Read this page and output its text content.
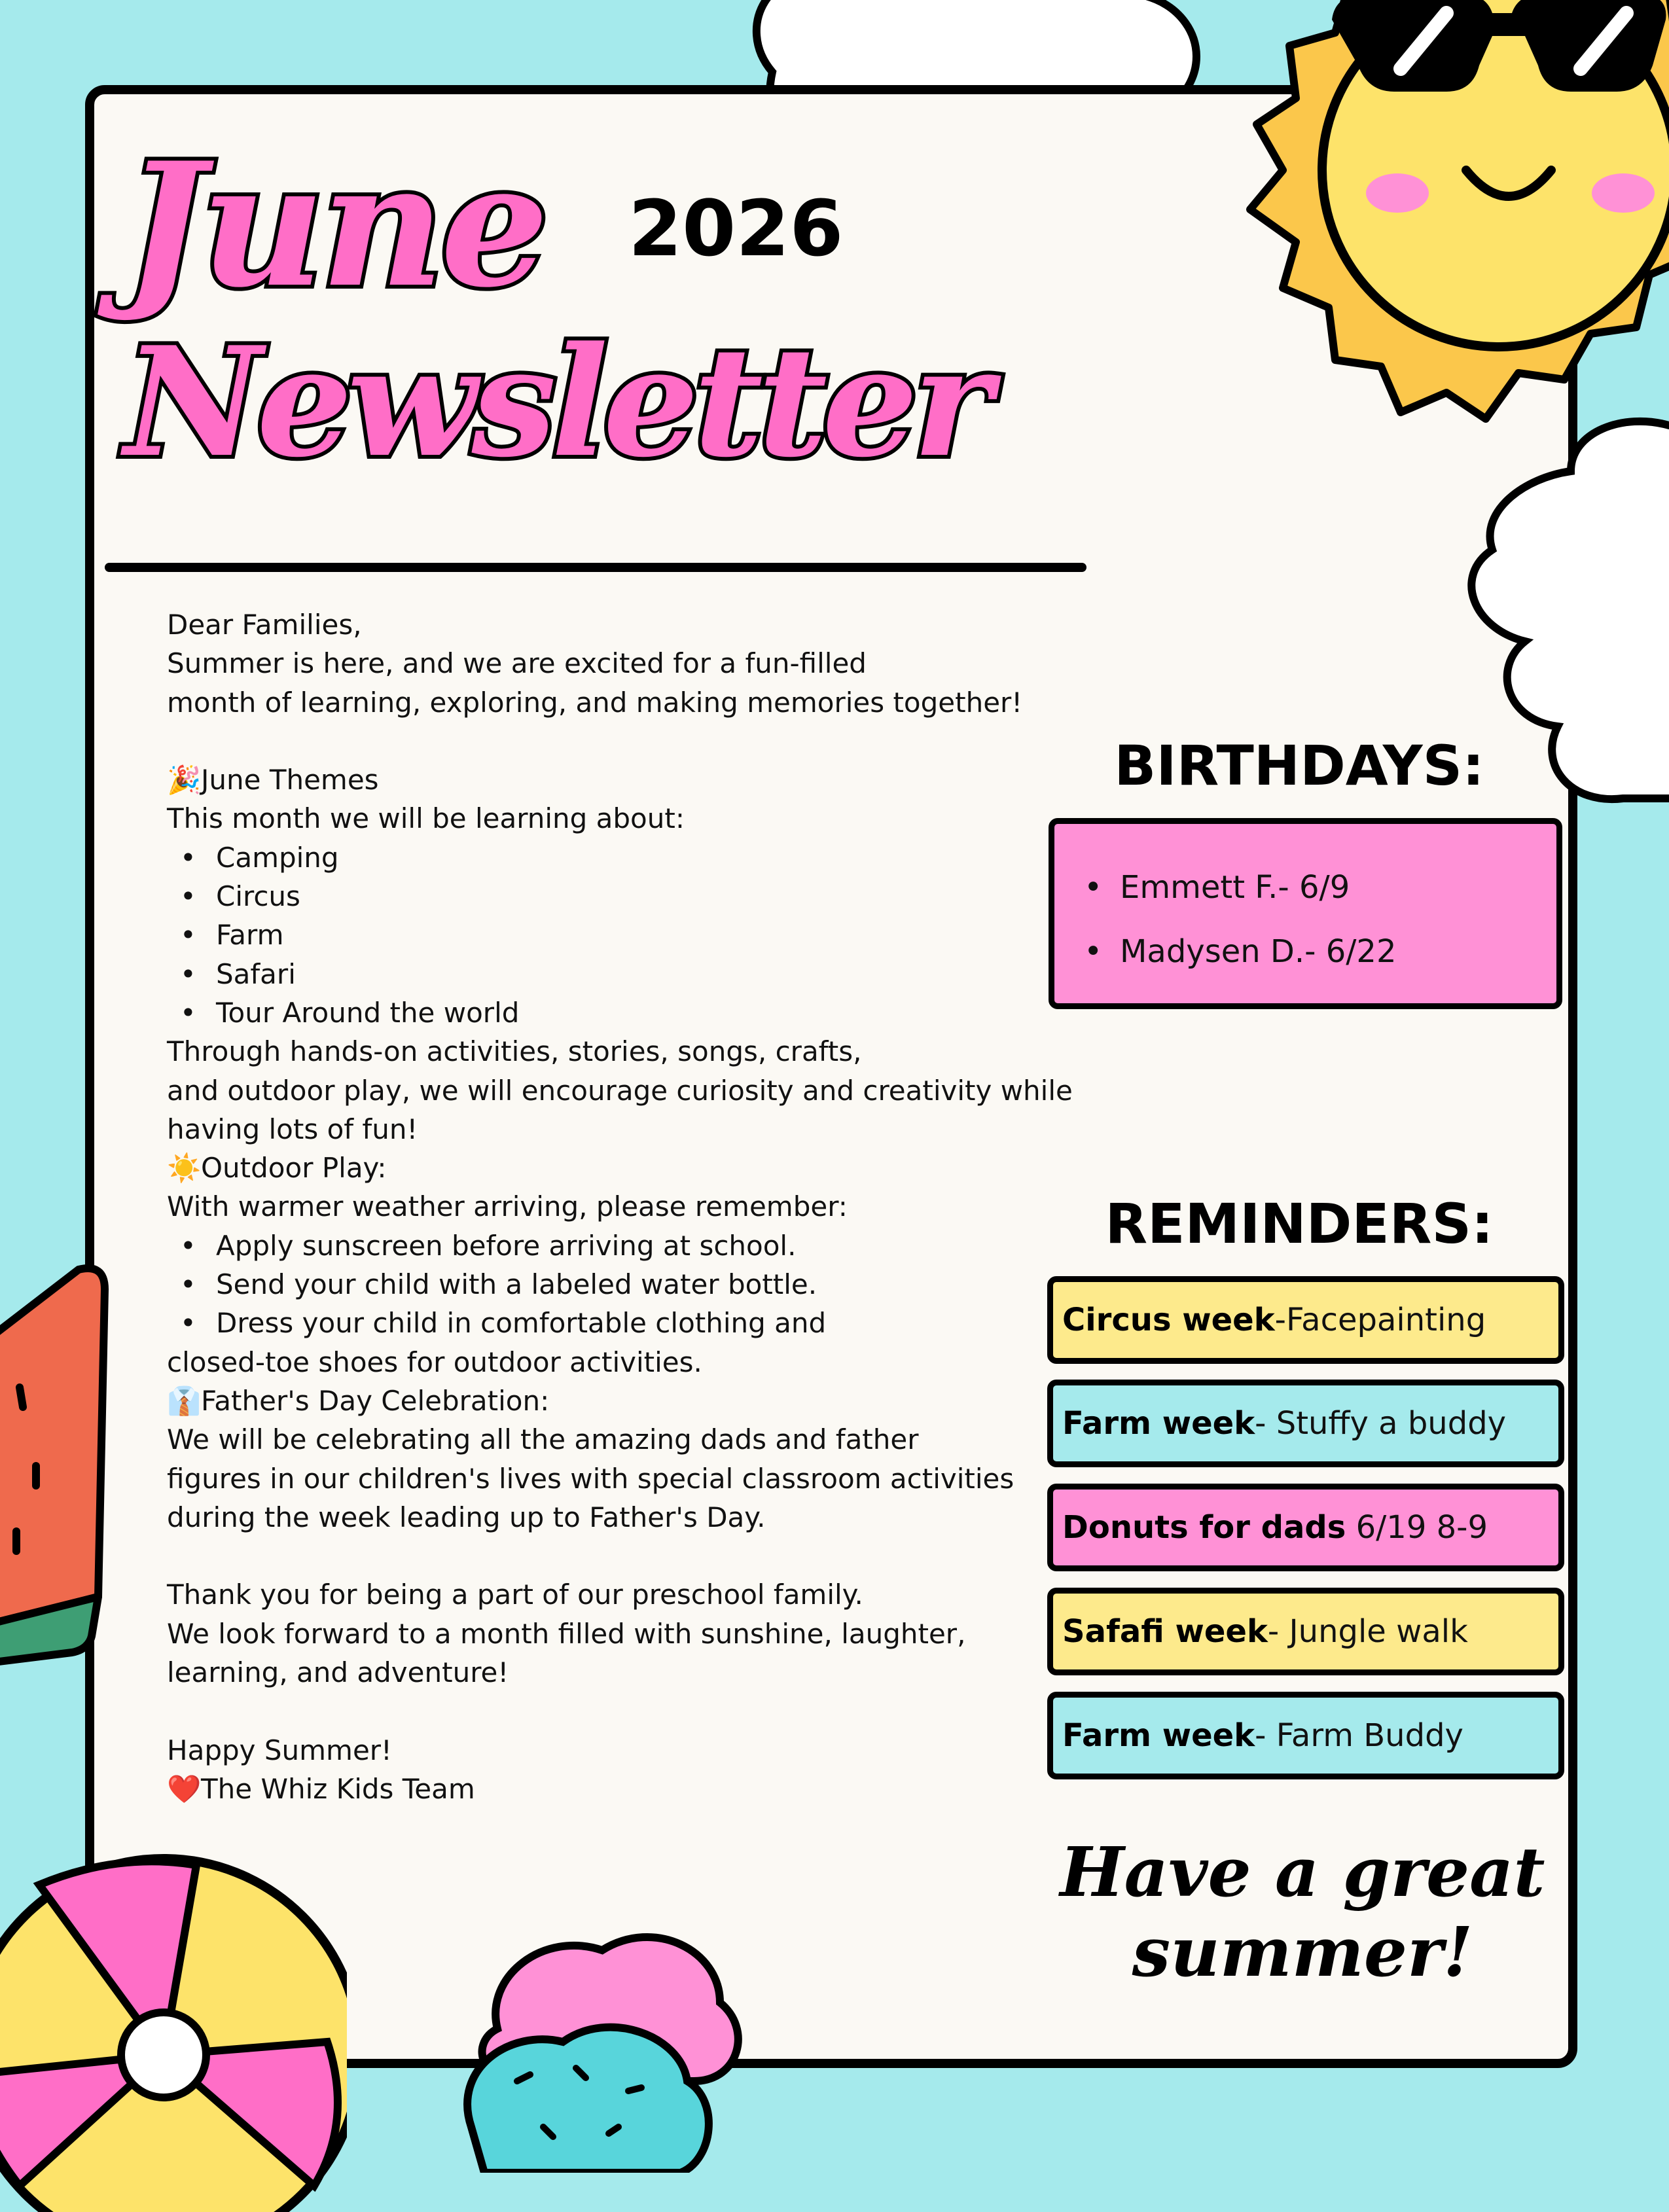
June 2026
Newsletter
Dear Families,
Summer is here, and we are excited for a fun-filled
month of learning, exploring, and making memories together!
🎉June Themes
This month we will be learning about:
• Camping
• Circus
• Farm
• Safari
• Tour Around the world
Through hands-on activities, stories, songs, crafts,
and outdoor play, we will encourage curiosity and creativity while
having lots of fun!
☀️Outdoor Play:
With warmer weather arriving, please remember:
• Apply sunscreen before arriving at school.
• Send your child with a labeled water bottle.
• Dress your child in comfortable clothing and
closed-toe shoes for outdoor activities.
👔Father's Day Celebration:
We will be celebrating all the amazing dads and father
figures in our children's lives with special classroom activities
during the week leading up to Father's Day.
Thank you for being a part of our preschool family.
We look forward to a month filled with sunshine, laughter,
learning, and adventure!
Happy Summer!
❤️The Whiz Kids Team
BIRTHDAYS:
• Emmett F.- 6/9
• Madysen D.- 6/22
REMINDERS:
Circus week-Facepainting
Farm week- Stuffy a buddy
Donuts for dads 6/19 8-9
Safafi week- Jungle walk
Farm week- Farm Buddy
Have a great
summer!
